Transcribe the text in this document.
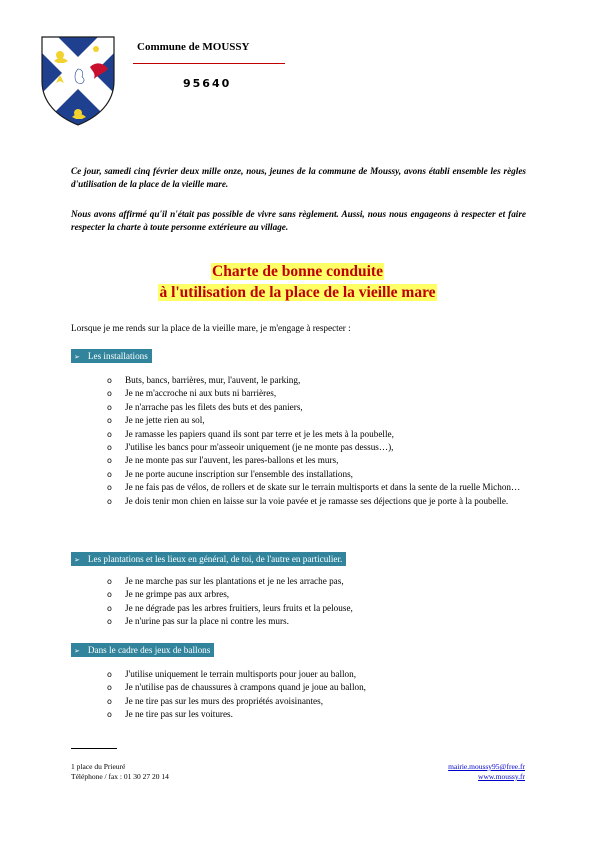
Commune de MOUSSY
95640
Ce jour, samedi cinq février deux mille onze, nous, jeunes de la commune de Moussy, avons établi ensemble les règles d'utilisation de la place de la vieille mare.
Nous avons affirmé qu'il n'était pas possible de vivre sans règlement. Aussi, nous nous engageons à respecter et faire respecter la charte à toute personne extérieure au village.
Charte de bonne conduite
à l'utilisation de la place de la vieille mare
Lorsque je me rends sur la place de la vieille mare, je m'engage à respecter :
➢ Les installations
o Buts, bancs, barrières, mur, l'auvent, le parking,
o Je ne m'accroche ni aux buts ni barrières,
o Je n'arrache pas les filets des buts et des paniers,
o Je ne jette rien au sol,
o Je ramasse les papiers quand ils sont par terre et je les mets à la poubelle,
o J'utilise les bancs pour m'asseoir uniquement (je ne monte pas dessus…),
o Je ne monte pas sur l'auvent, les pares-ballons et les murs,
o Je ne porte aucune inscription sur l'ensemble des installations,
o Je ne fais pas de vélos, de rollers et de skate sur le terrain multisports et dans la sente de la ruelle Michon…
o Je dois tenir mon chien en laisse sur la voie pavée et je ramasse ses déjections que je porte à la poubelle.
➢ Les plantations et les lieux en général, de toi, de l'autre en particulier.
o Je ne marche pas sur les plantations et je ne les arrache pas,
o Je ne grimpe pas aux arbres,
o Je ne dégrade pas les arbres fruitiers, leurs fruits et la pelouse,
o Je n'urine pas sur la place ni contre les murs.
➢ Dans le cadre des jeux de ballons
o J'utilise uniquement le terrain multisports pour jouer au ballon,
o Je n'utilise pas de chaussures à crampons quand je joue au ballon,
o Je ne tire pas sur les murs des propriétés avoisinantes,
o Je ne tire pas sur les voitures.
1 place du Prieuré
Téléphone / fax : 01 30 27 20 14
mairie.moussy95@free.fr
www.moussy.fr
